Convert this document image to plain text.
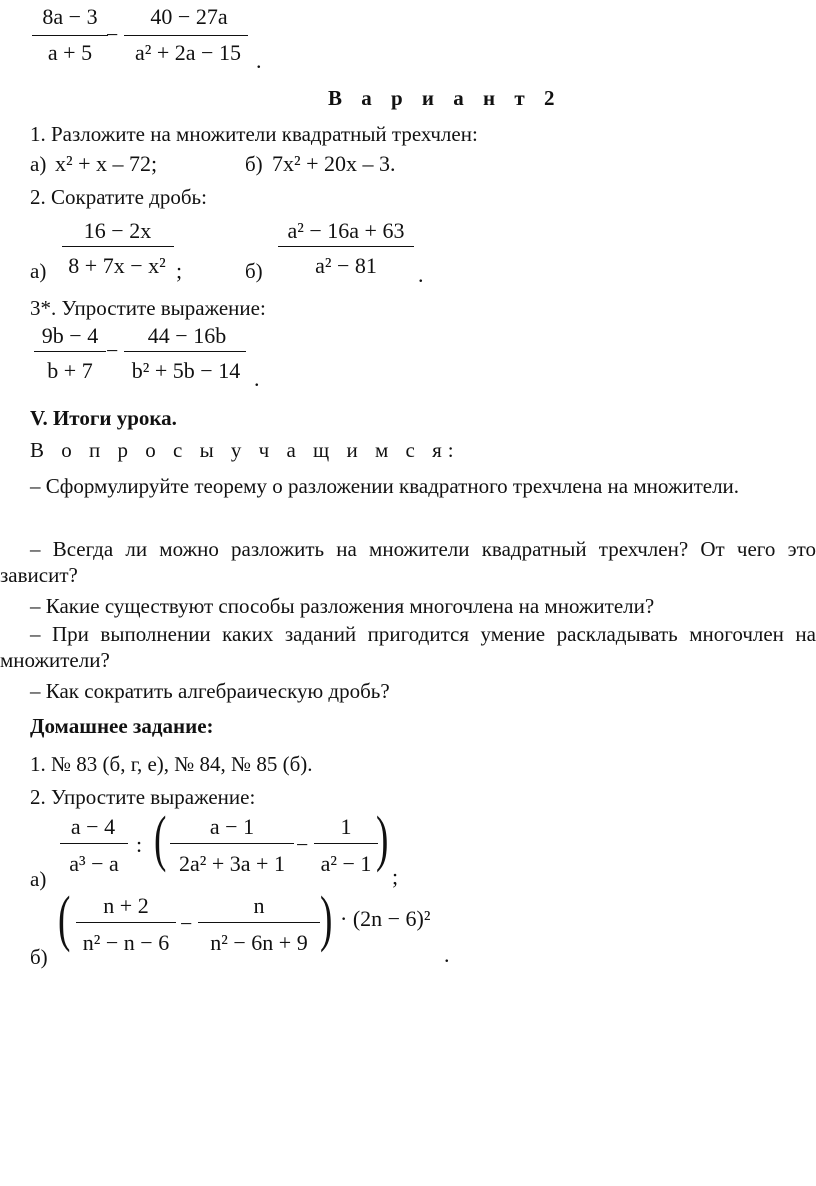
8a − 3
a + 5
−
40 − 27a
a² + 2a − 15 .
В а р и а н т 2
1. Разложите на множители квадратный трехчлен:
а) x² + x – 72;	б) 7x² + 20x – 3.
2. Сократите дробь:
а)
16 − 2x
8 + 7x − x² ;	б)
a² − 16a + 63
a² − 81	.
3*. Упростите выражение:
9b − 4
b + 7
−
44 − 16b
b² + 5b − 14 .
V. Итоги урока.
В о п р о с ы у ч а щ и м с я:
– Сформулируйте теорему о разложении квадратного трехчлена на множители.
– Всегда ли можно разложить на множители квадратный трехчлен? От чего это зависит?
– Какие существуют способы разложения многочлена на множители?
– При выполнении каких заданий пригодится умение раскладывать многочлен на множители?
– Как сократить алгебраическую дробь?
Домашнее задание:
1. № 83 (б, г, е), № 84, № 85 (б).
2. Упростите выражение:
а)
a − 4
a³ − a
: (	a − 1
2a² + 3a + 1
−
1
a² − 1 )
;
б)
(	n + 2
n² − n − 6
−
n
n² − 6n + 9 ) · (2n − 6)²
.
